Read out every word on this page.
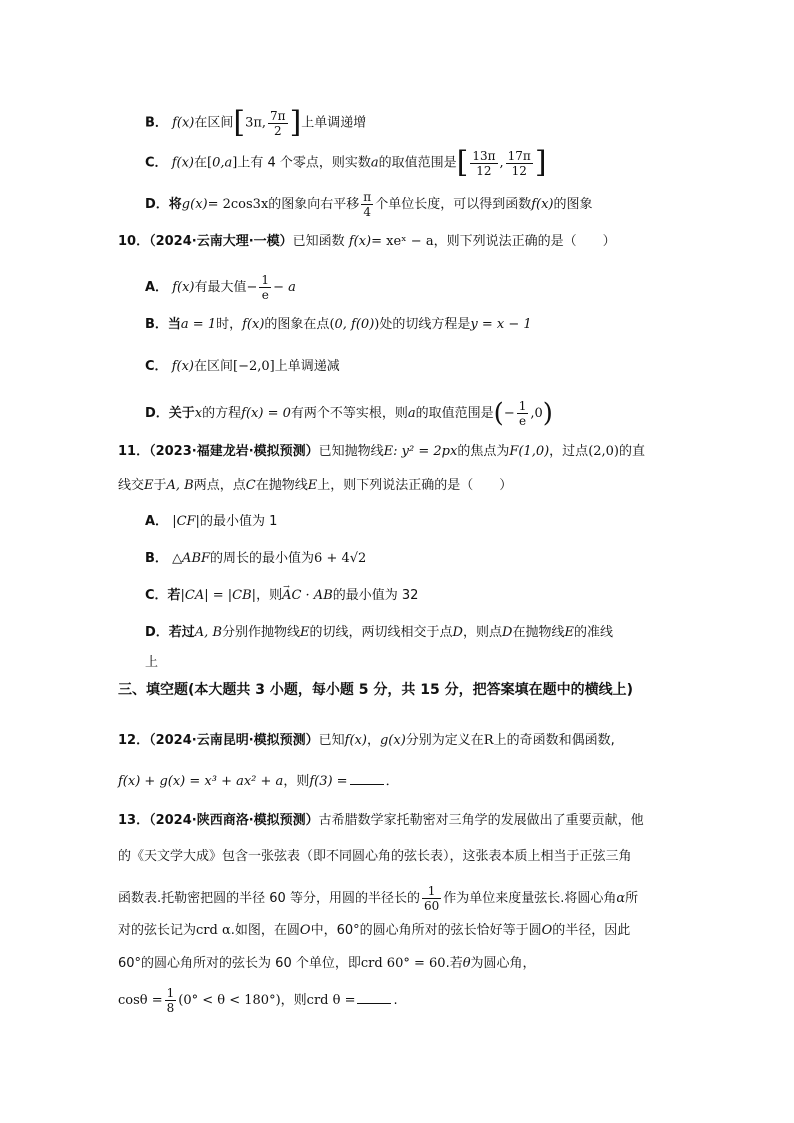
B． f(x)在区间[3π, $\frac{7\pi}{2}$ ]上单调递增
C． f(x)在[0,a]上有 4 个零点，则实数a的取值范围是[ $\frac{13\pi}{12}$ , $\frac{17\pi}{12}$ ]
D．将g(x)= 2cos3x的图象向右平移 $\frac{\pi}{4}$ 个单位长度，可以得到函数f(x)的图象
10．（2024·云南大理·一模）已知函数 f(x)= xeˣ − a，则下列说法正确的是（　　）
A． f(x)有最大值− $\frac{1}{e} - a$
B．当a = 1时，f(x)的图象在点(0, f(0))处的切线方程是y = x − 1
C． f(x)在区间[−2,0]上单调递减
D．关于x的方程f(x) = 0有两个不等实根，则a的取值范围是(− $\frac{1}{e} ,0$)
11．（2023·福建龙岩·模拟预测）已知抛物线E: y² = 2px的焦点为F(1,0)，过点(2,0)的直
线交E于A, B两点，点C在抛物线E上，则下列说法正确的是（　　）
A． |CF|的最小值为 1
B． △ABF的周长的最小值为6 + 4√2
C．若|CA| = |CB|，则→ AC · AB的最小值为 32
D．若过A, B分别作抛物线E的切线，两切线相交于点D，则点D在抛物线E的准线
上
三、填空题(本大题共 3 小题，每小题 5 分，共 15 分，把答案填在题中的横线上)
12．（2024·云南昆明·模拟预测）已知f(x)，g(x)分别为定义在R上的奇函数和偶函数,
f(x) + g(x) = x³ + ax² + a，则f(3) =	．
13．（2024·陕西商洛·模拟预测）古希腊数学家托勒密对三角学的发展做出了重要贡献，他
的《天文学大成》包含一张弦表（即不同圆心角的弦长表），这张表本质上相当于正弦三角
函数表.托勒密把圆的半径 60 等分，用圆的半径长的 $\frac{1}{60}$ 作为单位来度量弦长.将圆心角α所
对的弦长记为crd α.如图，在圆O中，60°的圆心角所对的弦长恰好等于圆O的半径，因此
60°的圆心角所对的弦长为 60 个单位，即crd 60° = 60.若θ为圆心角，
$\cos\theta = \frac{1}{8} (0^\circ < \theta < 180^\circ)$，则crd θ =	.
